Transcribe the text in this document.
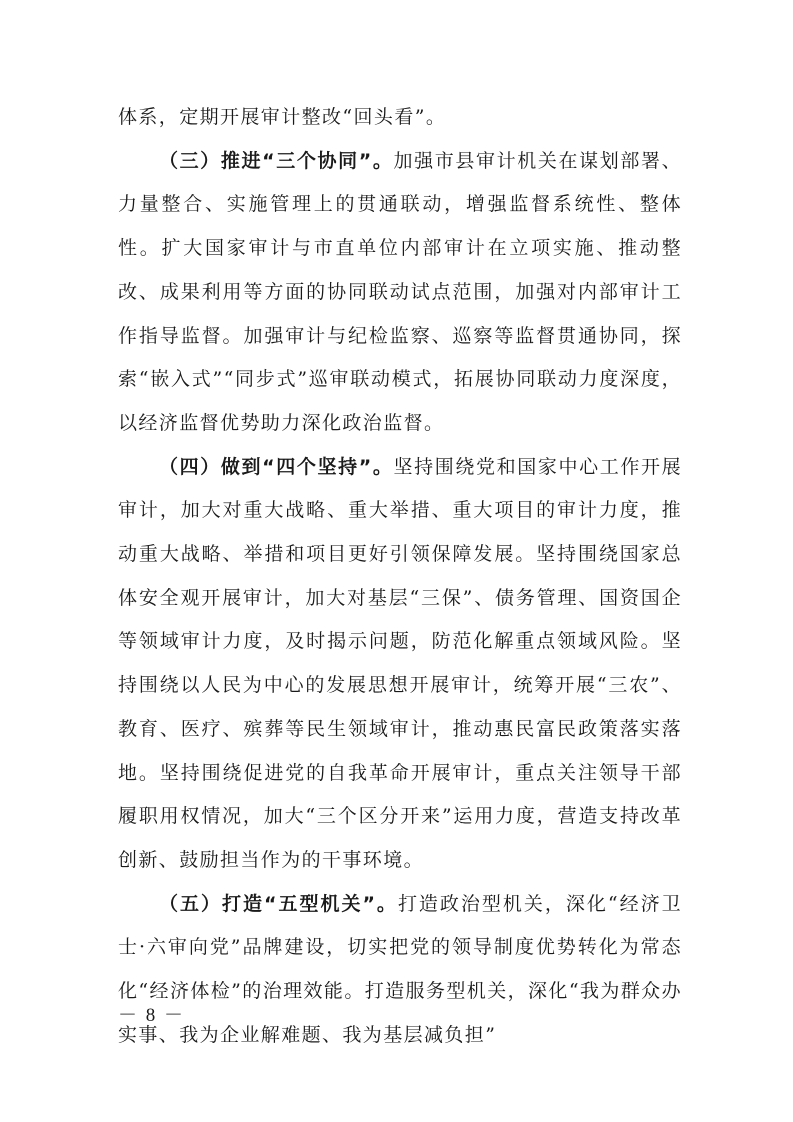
体系，定期开展审计整改“回头看”。

（三）推进“三个协同”。加强市县审计机关在谋划部署、力量整合、实施管理上的贯通联动，增强监督系统性、整体性。扩大国家审计与市直单位内部审计在立项实施、推动整改、成果利用等方面的协同联动试点范围，加强对内部审计工作指导监督。加强审计与纪检监察、巡察等监督贯通协同，探索“嵌入式”“同步式”巡审联动模式，拓展协同联动力度深度，以经济监督优势助力深化政治监督。

（四）做到“四个坚持”。坚持围绕党和国家中心工作开展审计，加大对重大战略、重大举措、重大项目的审计力度，推动重大战略、举措和项目更好引领保障发展。坚持围绕国家总体安全观开展审计，加大对基层“三保”、债务管理、国资国企等领域审计力度，及时揭示问题，防范化解重点领域风险。坚持围绕以人民为中心的发展思想开展审计，统筹开展“三农”、教育、医疗、殡葬等民生领域审计，推动惠民富民政策落实落地。坚持围绕促进党的自我革命开展审计，重点关注领导干部履职用权情况，加大“三个区分开来”运用力度，营造支持改革创新、鼓励担当作为的干事环境。

（五）打造“五型机关”。打造政治型机关，深化“经济卫士·六审向党”品牌建设，切实把党的领导制度优势转化为常态化“经济体检”的治理效能。打造服务型机关，深化“我为群众办实事、我为企业解难题、我为基层减负担”

－ 8 －
